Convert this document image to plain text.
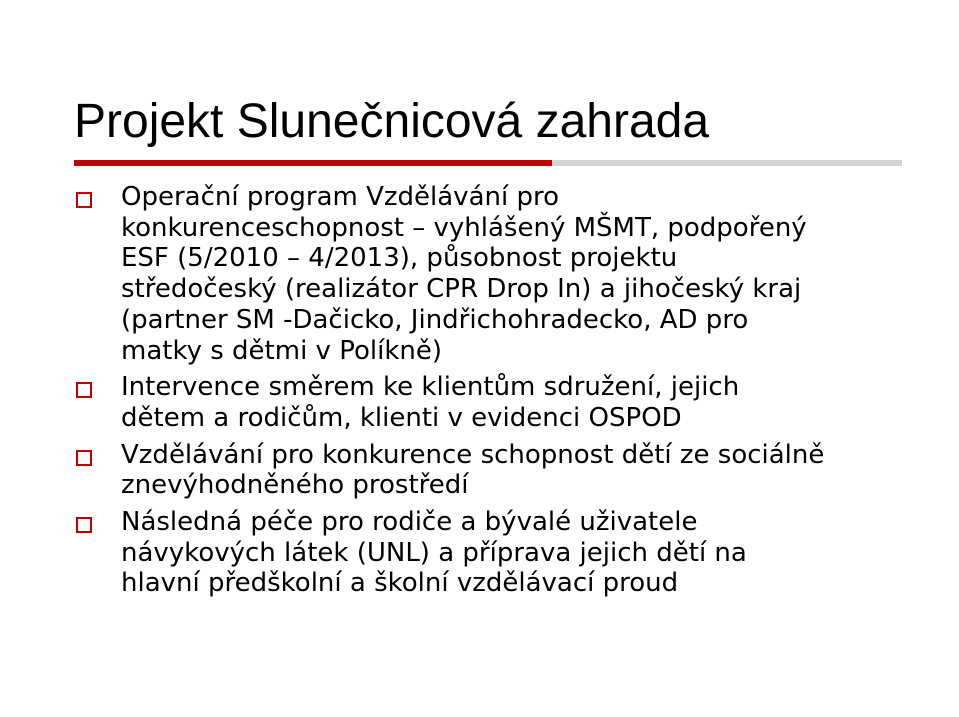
Projekt Slunečnicová zahrada
Operační program Vzdělávání pro
konkurenceschopnost – vyhlášený MŠMT, podpořený
ESF (5/2010 – 4/2013), působnost projektu
středočeský (realizátor CPR Drop In) a jihočeský kraj
(partner SM -Dačicko, Jindřichohradecko, AD pro
matky s dětmi v Políkně)
Intervence směrem ke klientům sdružení, jejich
dětem a rodičům, klienti v evidenci OSPOD
Vzdělávání pro konkurence schopnost dětí ze sociálně
znevýhodněného prostředí
Následná péče pro rodiče a bývalé uživatele
návykových látek (UNL) a příprava jejich dětí na
hlavní předškolní a školní vzdělávací proud
